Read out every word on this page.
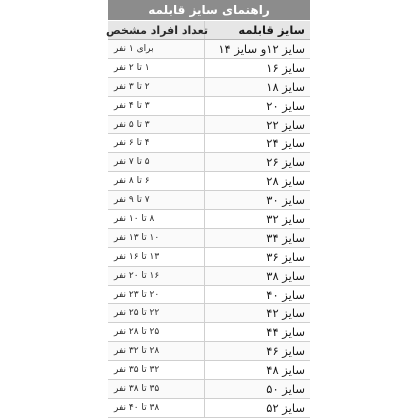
راهنمای سایز قابلمه
سایز قابلمه
تعداد افراد مشخص
سایز ۱۲و سایز ۱۴
برای ۱ نفر
سایز ۱۶
۱ تا ۲ نفر
سایز ۱۸
۲ تا ۳ نفر
سایز ۲۰
۳ تا ۴ نفر
سایز ۲۲
۳ تا ۵ نفر
سایز ۲۴
۴ تا ۶ نفر
سایز ۲۶
۵ تا ۷ نفر
سایز ۲۸
۶ تا ۸ نفر
سایز ۳۰
۷ تا ۹ نفر
سایز ۳۲
۸ تا ۱۰ نفر
سایز ۳۴
۱۰ تا ۱۳ نفر
سایز ۳۶
۱۳ تا ۱۶ نفر
سایز ۳۸
۱۶ تا ۲۰ نفر
سایز ۴۰
۲۰ تا ۲۳ نفر
سایز ۴۲
۲۲ تا ۲۵ نفر
سایز ۴۴
۲۵ تا ۲۸ نفر
سایز ۴۶
۲۸ تا ۳۲ نفر
سایز ۴۸
۳۲ تا ۳۵ نفر
سایز ۵۰
۳۵ تا ۳۸ نفر
سایز ۵۲
۳۸ تا ۴۰ نفر
